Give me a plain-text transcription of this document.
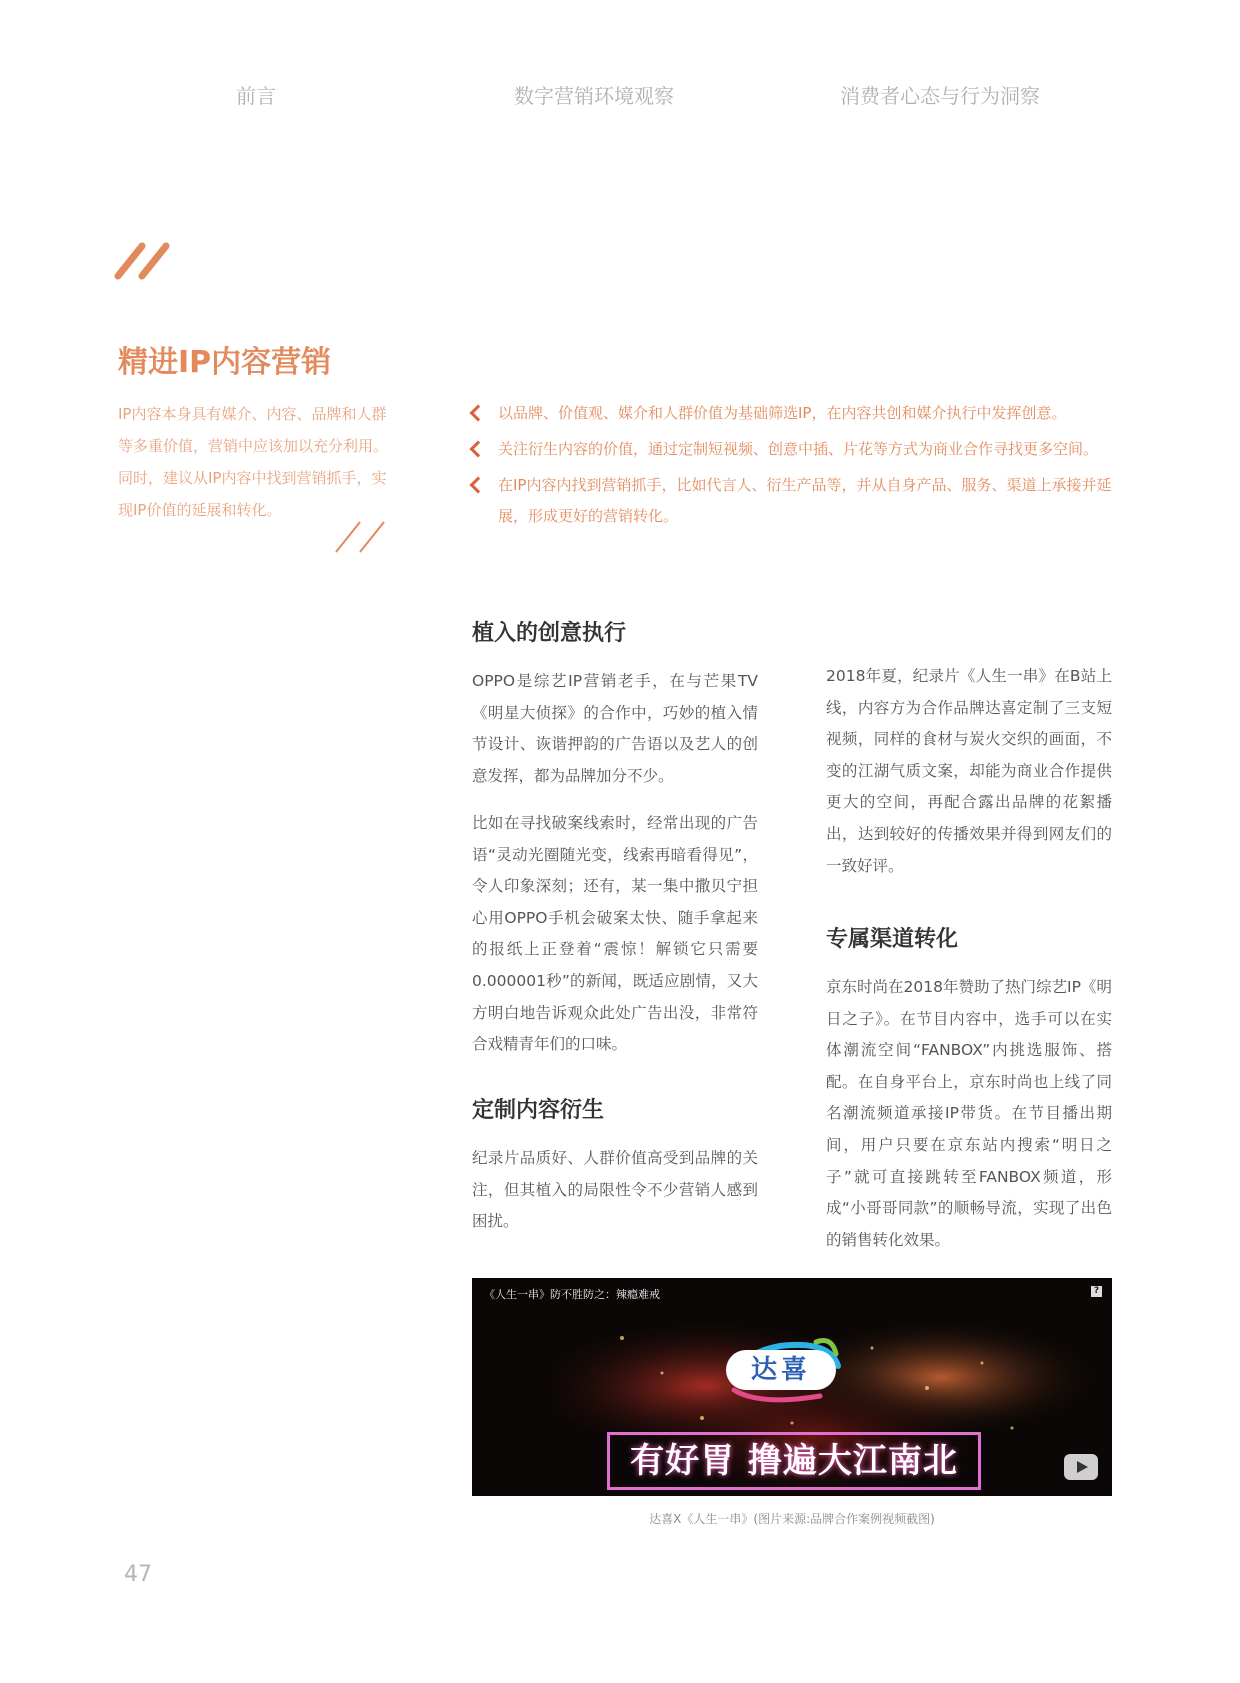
前言	数字营销环境观察	消费者心态与行为洞察
精进IP内容营销

IP内容本身具有媒介、内容、品牌和人群

等多重价值，营销中应该加以充分利用。

同时，建议从IP内容中找到营销抓手，实

现IP价值的延展和转化。

以品牌、价值观、媒介和人群价值为基础筛选IP，在内容共创和媒介执行中发挥创意。
关注衍生内容的价值，通过定制短视频、创意中插、片花等方式为商业合作寻找更多空间。
在IP内容内找到营销抓手，比如代言人、衍生产品等，并从自身产品、服务、渠道上承接并延展，形成更好的营销转化。
植入的创意执行

OPPO是综艺IP营销老手，在与芒果TV《明星大侦探》的合作中，巧妙的植入情节设计、诙谐押韵的广告语以及艺人的创意发挥，都为品牌加分不少。

比如在寻找破案线索时，经常出现的广告语“灵动光圈随光变，线索再暗看得见”，令人印象深刻；还有，某一集中撒贝宁担心用OPPO手机会破案太快、随手拿起来的报纸上正登着“震惊！解锁它只需要0.000001秒”的新闻，既适应剧情，又大方明白地告诉观众此处广告出没，非常符合戏精青年们的口味。

定制内容衍生

纪录片品质好、人群价值高受到品牌的关注，但其植入的局限性令不少营销人感到困扰。

2018年夏，纪录片《人生一串》在B站上线，内容方为合作品牌达喜定制了三支短视频，同样的食材与炭火交织的画面，不变的江湖气质文案，却能为商业合作提供更大的空间，再配合露出品牌的花絮播出，达到较好的传播效果并得到网友们的一致好评。

专属渠道转化

京东时尚在2018年赞助了热门综艺IP《明日之子》。在节目内容中，选手可以在实体潮流空间“FANBOX”内挑选服饰、搭配。在自身平台上，京东时尚也上线了同名潮流频道承接IP带货。在节目播出期间，用户只要在京东站内搜索“明日之子”就可直接跳转至FANBOX频道，形成“小哥哥同款”的顺畅导流，实现了出色的销售转化效果。

《人生一串》防不胜防之：辣瘾难戒	?
达喜
有好胃 撸遍大江南北
达喜X《人生一串》(图片来源:品牌合作案例视频截图)
47
